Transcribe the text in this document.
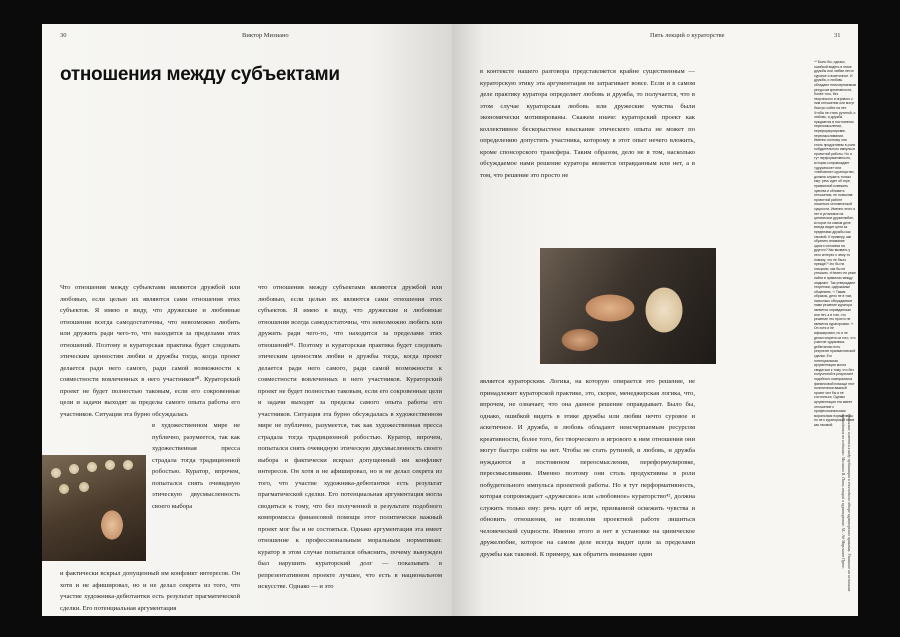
30	Виктор Мизиано
отношения между субъектами

Что отношения между субъектами являются дружбой или любовью, если целью их являются сами отношения этих субъектов. Я имею в виду, что дружеские и любовные отношения всегда самодостаточны, что невозможно любить или дружить ради чего-то, что находится за пределами этих отношений. Поэтому и кураторская практика будет следовать этическим ценностям любви и дружбы тогда, когда проект делается ради него самого, ради самой возможности к совместности вовлеченных в него участников⁴⁰. Кураторский проект не будет полностью таковым, если его сокровенные цели и задачи выходят за пределы самого опыта работы его участников. Ситуация эта бурно обсуждалась

в художественном мире не публично, разумеется, так как художественная пресса страдала тогда традиционной робостью. Куратор, впрочем, попытался снять очевидную этическую двусмысленность своего выбора

и фактически вскрыл допущенный им конфликт интересов. Он хотя и не афишировал, но и не делал секрета из того, что участие художника-дебютантки есть результат прагматической сделки. Его потенциальная аргументация

что отношения между субъектами являются дружбой или любовью, если целью их являются сами отношения этих субъектов. Я имею в виду, что дружеские и любовные отношения всегда самодостаточны, что невозможно любить или дружить ради чего-то, что находится за пределами этих отношений⁴¹. Поэтому и кураторская практика будет следовать этическим ценностям любви и дружбы тогда, когда проект делается ради него самого, ради самой возможности к совместности вовлеченных в него участников. Кураторский проект не будет полностью таковым, если его сокровенные цели и задачи выходят за пределы самого опыта работы его участников. Ситуация эта бурно обсуждалась в художественном мире не публично, разумеется, так как художественная пресса страдала тогда традиционной робостью. Куратор, впрочем, попытался снять очевидную этическую двусмысленность своего выбора и фактически вскрыл допущенный им конфликт интересов. Он хотя и не афишировал, но и не делал секрета из того, что участие художника-дебютантки есть результат прагматической сделки. Его потенциальная аргументация могла сводиться к тому, что без полученной в результате подобного компромисса финансовой помощи этот политически важный проект мог бы и не состояться. Однако аргументация эта имеет отношение к профессиональным моральным нормативам: куратор в этом случае попытался объяснить, почему вынужден был нарушить кураторский долг — показывать в репрезентативном проекте лучшее, что есть в национальном искусстве. Однако — и это

Пять лекций о кураторстве	31

в контексте нашего разговора представляется крайне существенным — кураторскую этику эта аргументация не затрагивает вовсе. Если и в самом деле практику куратора определяет любовь и дружба, то получается, что в этом случае кураторская любовь или дружеские чувства были экономически мотивированы. Скажем иначе: кураторский проект как коллективное бескорыстное взыскание этического опыта не может по определению допустить участника, которому в этот опыт нечего вложить, кроме спонсорского трансфера. Таким образом, дело не в том, насколько обсуждаемое нами решение куратора является оправданным или нет, а в том, что решение это просто не

является кураторским. Логика, на которую опирается это решение, не принадлежит кураторской практике, это, скорее, менеджерская логика, что, впрочем, не означает, что она данное решение оправдывает. Было бы, однако, ошибкой видеть в этике дружбы или любви нечто суровое и аскетичное. И дружба, и любовь обладают неисчерпаемым ресурсом креативности, более того, без творческого и игрового к ним отношения они могут быстро сойти на нет. Чтобы не стать рутиной, и любовь, и дружба нуждаются в постоянном переосмыслении, переформулировке, пересмысливании. Именно поэтому они столь продуктивны в роли побудительного импульса проектной работы. Но я тут перформативность, которая сопровождает «дружеское» или «любовное» кураторство⁴², должна служить только ему: речь идет об игре, призванной освежить чувства и обновить отношения, не позволив проектной работе лишиться человеческой сущности. Именно этого и нет в установке на циническое дружелюбие, которое на самом деле всегда видит цели за пределами дружбы как таковой. К примеру, как обратить внимание один

⁴⁰ Было бы, однако, ошибкой видеть в этике дружбы или любви нечто суровое и аскетичное. И дружба, и любовь обладают неисчерпаемым ресурсом креативности, более того, без творческого и игрового к ним отношения они могут быстро сойти на нет. Чтобы не стать рутиной, и любовь, и дружба нуждаются в постоянном переосмыслении, переформулировке, пересмысливании. Именно поэтому они столь продуктивны в роли побудительного импульса проектной работы. Но я тут перформативность, которая сопровождает «дружеское» или «любовное» кураторство, должна служить только ему: речь идет об игре, призванной освежить чувства и обновить отношения, не позволив проектной работе лишиться человеческой сущности. Именно этого и нет в установке на циническое дружелюбие, которое на самом деле всегда видит цели за пределами дружбы как таковой. К примеру, как обратить внимание одного человека на другого? Как вызвать у него интерес к чему-то новому, что не было прежде? Что бы ни говорили, как бы ни утешали, «Ничего не реже найти в правилах между людьми». Так утверждают теоретики, одержимые общением. ⁴¹ Таким образом, дело не в том, насколько обсуждаемое нами решение куратора является оправданным или нет, а в том, что решение это просто не является кураторским. ⁴² Он хотя и не афишировал, но и не делал секрета из того, что участие художника-дебютантки есть результат прагматической сделки. Его потенциальная аргументация могла сводиться к тому, что без полученной в результате подобного компромисса финансовой помощи этот политически важный проект мог бы и не состояться. Однако аргументация эта имеет отношение к профессиональным моральным нормативам, но не к кураторской этике как таковой.	Отсылка: имеется в виду публикация в ежегодном обзоре кураторских практик. Указание на источник приводится по изданию: Мизиано В. Пять лекций о кураторстве. М.: Ад Маргинем Пресс.
